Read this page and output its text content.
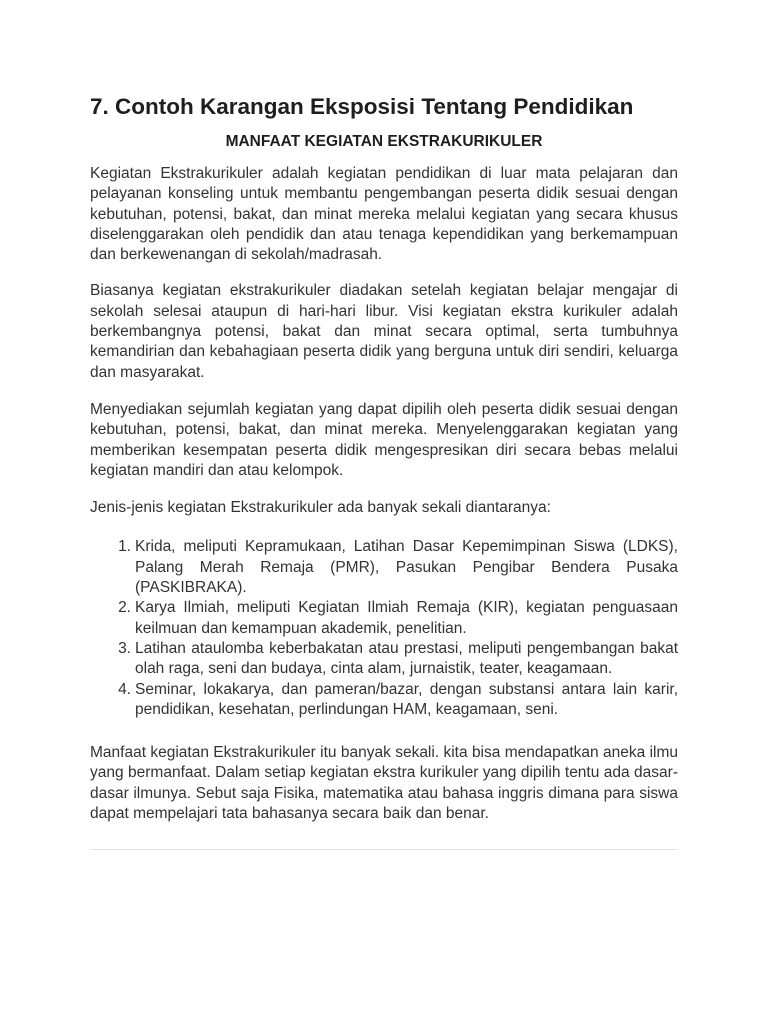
7. Contoh Karangan Eksposisi Tentang Pendidikan
MANFAAT KEGIATAN EKSTRAKURIKULER

Kegiatan Ekstrakurikuler adalah kegiatan pendidikan di luar mata pelajaran dan pelayanan konseling untuk membantu pengembangan peserta didik sesuai dengan kebutuhan, potensi, bakat, dan minat mereka melalui kegiatan yang secara khusus diselenggarakan oleh pendidik dan atau tenaga kependidikan yang berkemampuan dan berkewenangan di sekolah/madrasah.

Biasanya kegiatan ekstrakurikuler diadakan setelah kegiatan belajar mengajar di sekolah selesai ataupun di hari-hari libur. Visi kegiatan ekstra kurikuler adalah berkembangnya potensi, bakat dan minat secara optimal, serta tumbuhnya kemandirian dan kebahagiaan peserta didik yang berguna untuk diri sendiri, keluarga dan masyarakat.

Menyediakan sejumlah kegiatan yang dapat dipilih oleh peserta didik sesuai dengan kebutuhan, potensi, bakat, dan minat mereka. Menyelenggarakan kegiatan yang memberikan kesempatan peserta didik mengespresikan diri secara bebas melalui kegiatan mandiri dan atau kelompok.

Jenis-jenis kegiatan Ekstrakurikuler ada banyak sekali diantaranya:

1. Krida, meliputi Kepramukaan, Latihan Dasar Kepemimpinan Siswa (LDKS), Palang Merah Remaja (PMR), Pasukan Pengibar Bendera Pusaka (PASKIBRAKA).
2. Karya Ilmiah, meliputi Kegiatan Ilmiah Remaja (KIR), kegiatan penguasaan keilmuan dan kemampuan akademik, penelitian.
3. Latihan ataulomba keberbakatan atau prestasi, meliputi pengembangan bakat olah raga, seni dan budaya, cinta alam, jurnaistik, teater, keagamaan.
4. Seminar, lokakarya, dan pameran/bazar, dengan substansi antara lain karir, pendidikan, kesehatan, perlindungan HAM, keagamaan, seni.

Manfaat kegiatan Ekstrakurikuler itu banyak sekali. kita bisa mendapatkan aneka ilmu yang bermanfaat. Dalam setiap kegiatan ekstra kurikuler yang dipilih tentu ada dasar-dasar ilmunya. Sebut saja Fisika, matematika atau bahasa inggris dimana para siswa dapat mempelajari tata bahasanya secara baik dan benar.
